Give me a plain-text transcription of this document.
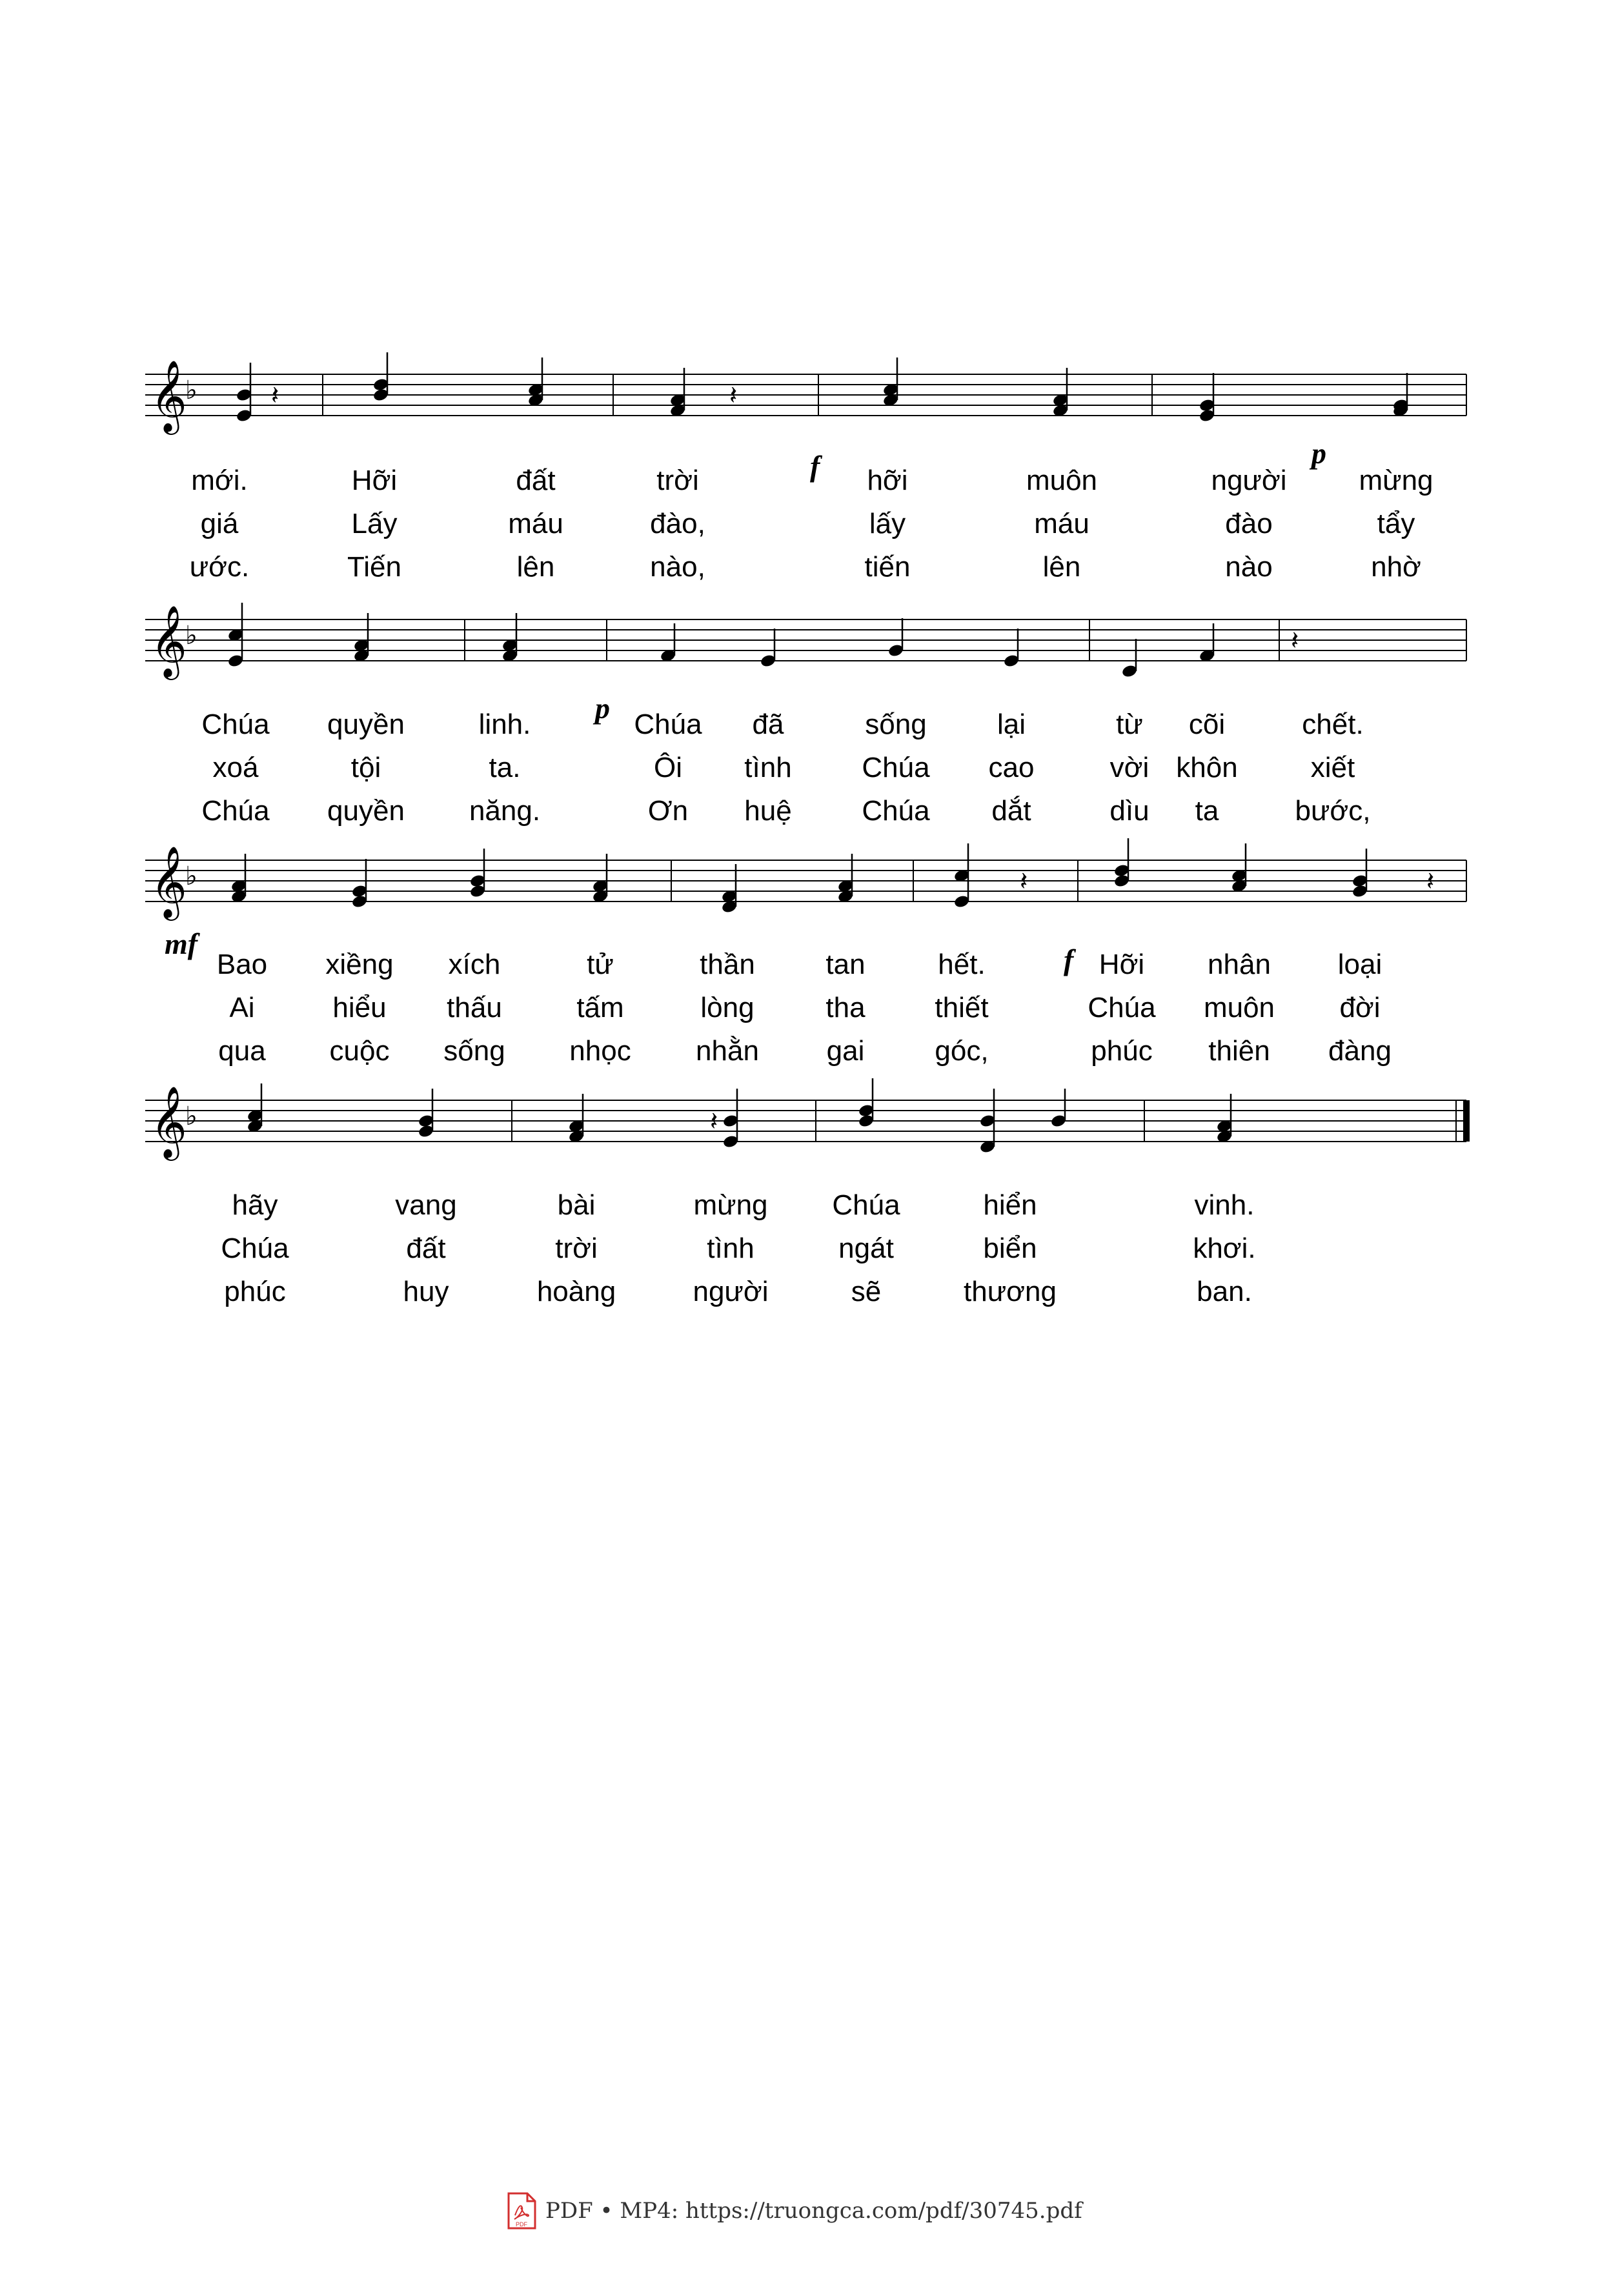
𝄞
♭	𝄽	𝄽
𝄞
♭	𝄽
𝄞
♭	𝄽	𝄽
𝄞
♭	𝄽
mới.	Hỡi	đất	trời	hỡi	muôn	người	mừng
giá	Lấy	máu	đào,	lấy	máu	đào	tẩy
ước.	Tiến	lên	nào,	tiến	lên	nào	nhờ
f	p
Chúa quyền	linh.	Chúa đã	sống lại	từ cõi	chết.
xoá	tội	ta.	Ôi tình Chúa cao	vời khôn	xiết
Chúa quyền năng.	Ơn huệ Chúa dắt	dìu ta	bước,
p
Bao xiềng xích	tử	thần tan	hết.	Hỡi nhân loại
Ai	hiểu thấu	tấm	lòng	tha thiết	Chúa muôn đời
qua cuộc sống nhọc nhằn gai góc,	phúc thiên đàng
mf	f
hãy	vang	bài	mừng Chúa	hiển	vinh.
Chúa	đất	trời	tình	ngát	biển	khơi.
phúc	huy	hoàng	người	sẽ	thương	ban.
PDF
PDF • MP4: https://truongca.com/pdf/30745.pdf
